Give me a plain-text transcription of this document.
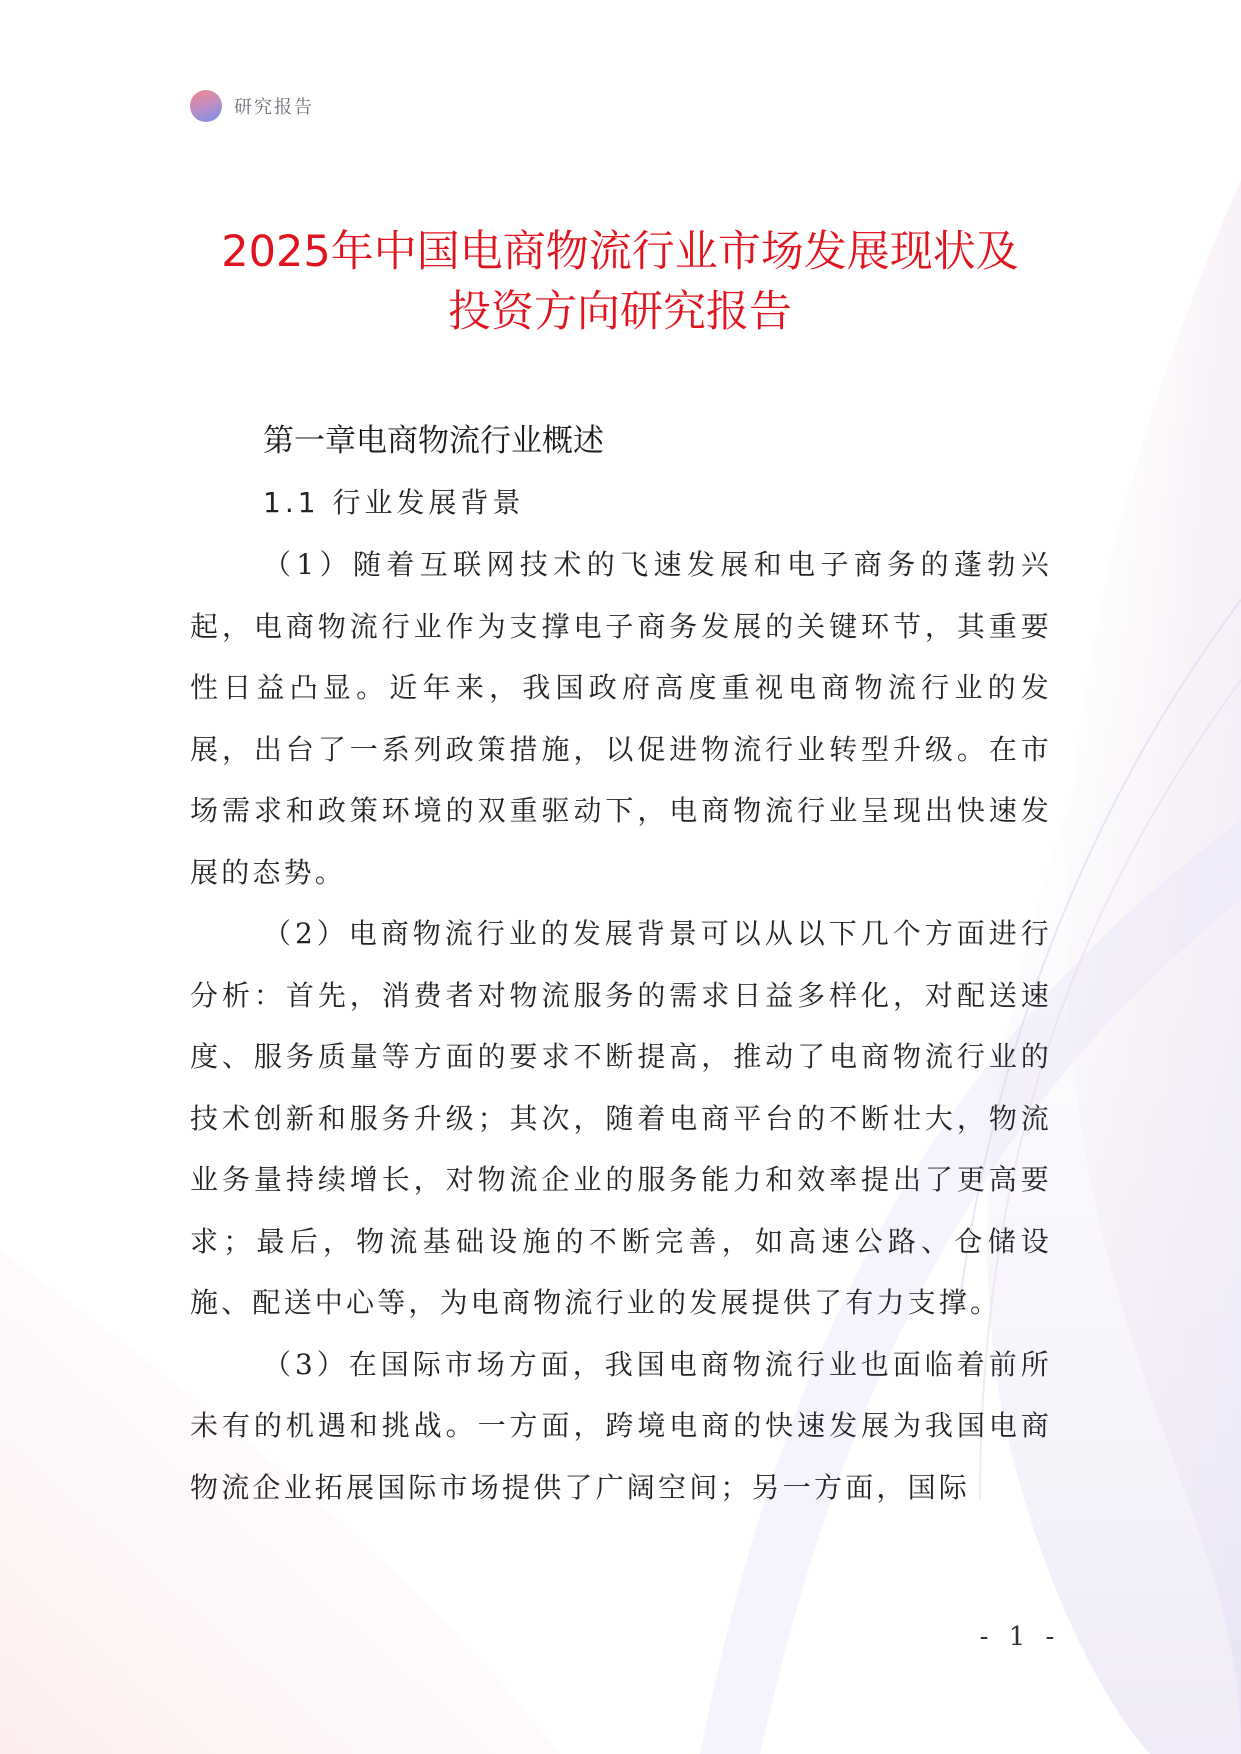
研究报告
2025年中国电商物流行业市场发展现状及
投资方向研究报告
第一章电商物流行业概述
1.1 行业发展背景

（1）随着互联网技术的飞速发展和电子商务的蓬勃兴起，电商物流行业作为支撑电子商务发展的关键环节，其重要性日益凸显。近年来，我国政府高度重视电商物流行业的发展，出台了一系列政策措施，以促进物流行业转型升级。在市场需求和政策环境的双重驱动下，电商物流行业呈现出快速发展的态势。

（2）电商物流行业的发展背景可以从以下几个方面进行分析：首先，消费者对物流服务的需求日益多样化，对配送速度、服务质量等方面的要求不断提高，推动了电商物流行业的技术创新和服务升级；其次，随着电商平台的不断壮大，物流业务量持续增长，对物流企业的服务能力和效率提出了更高要求；最后，物流基础设施的不断完善，如高速公路、仓储设施、配送中心等，为电商物流行业的发展提供了有力支撑。

（3）在国际市场方面，我国电商物流行业也面临着前所未有的机遇和挑战。一方面，跨境电商的快速发展为我国电商物流企业拓展国际市场提供了广阔空间；另一方面，国际

- 1 -
